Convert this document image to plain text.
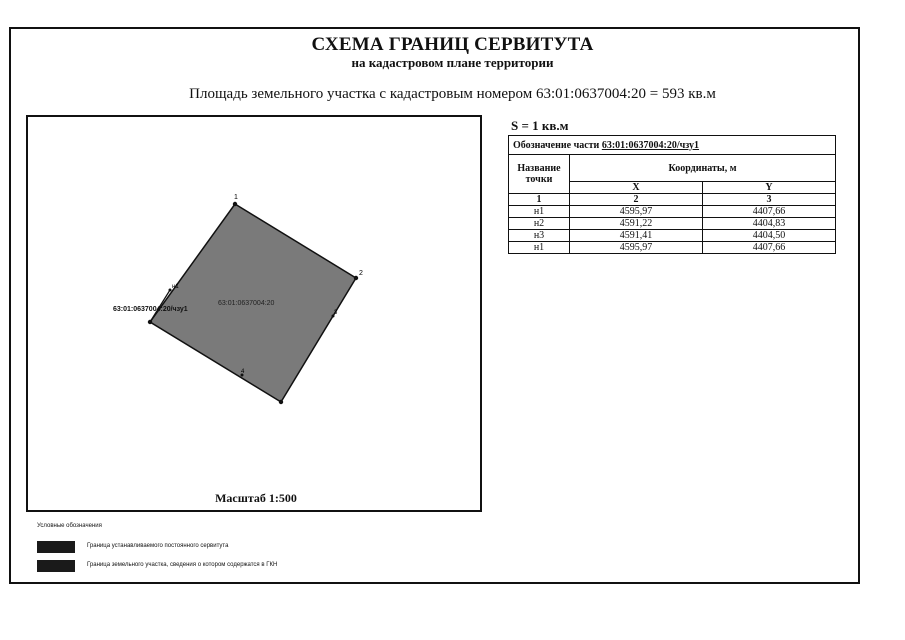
СХЕМА ГРАНИЦ СЕРВИТУТА
на кадастровом плане территории
Площадь земельного участка с кадастровым номером 63:01:0637004:20 = 593 кв.м
1
2
3
4
н1
63:01:0637004:20
63:01:0637004:20/чзу1
Масштаб 1:500
S = 1 кв.м
Обозначение части 63:01:0637004:20/чзу1		
Название
точки	Координаты, м	
	X	Y
1	2	3
н1	4595,97	4407,66
н2	4591,22	4404,83
н3	4591,41	4404,50
н1	4595,97	4407,66
Условные обозначения
Граница устанавливаемого постоянного сервитута
Граница земельного участка, сведения о котором содержатся в ГКН
